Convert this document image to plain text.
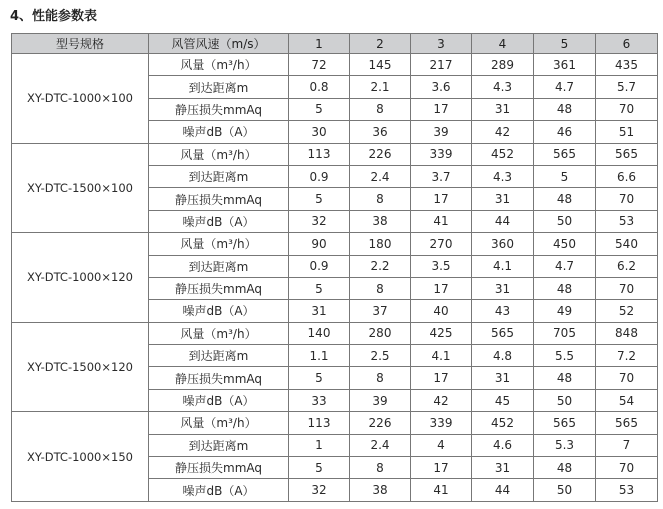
4、性能参数表
型号规格	风管风速（m/s）	1	2	3	4	5	6
XY-DTC-1000×100	风量（m³/h）	72	145	217	289	361	435
	到达距离m	0.8	2.1	3.6	4.3	4.7	5.7
	静压损失mmAq	5	8	17	31	48	70
	噪声dB（A）	30	36	39	42	46	51
XY-DTC-1500×100	风量（m³/h）	113	226	339	452	565	565
	到达距离m	0.9	2.4	3.7	4.3	5	6.6
	静压损失mmAq	5	8	17	31	48	70
	噪声dB（A）	32	38	41	44	50	53
XY-DTC-1000×120	风量（m³/h）	90	180	270	360	450	540
	到达距离m	0.9	2.2	3.5	4.1	4.7	6.2
	静压损失mmAq	5	8	17	31	48	70
	噪声dB（A）	31	37	40	43	49	52
XY-DTC-1500×120	风量（m³/h）	140	280	425	565	705	848
	到达距离m	1.1	2.5	4.1	4.8	5.5	7.2
	静压损失mmAq	5	8	17	31	48	70
	噪声dB（A）	33	39	42	45	50	54
XY-DTC-1000×150	风量（m³/h）	113	226	339	452	565	565
	到达距离m	1	2.4	4	4.6	5.3	7
	静压损失mmAq	5	8	17	31	48	70
	噪声dB（A）	32	38	41	44	50	53
